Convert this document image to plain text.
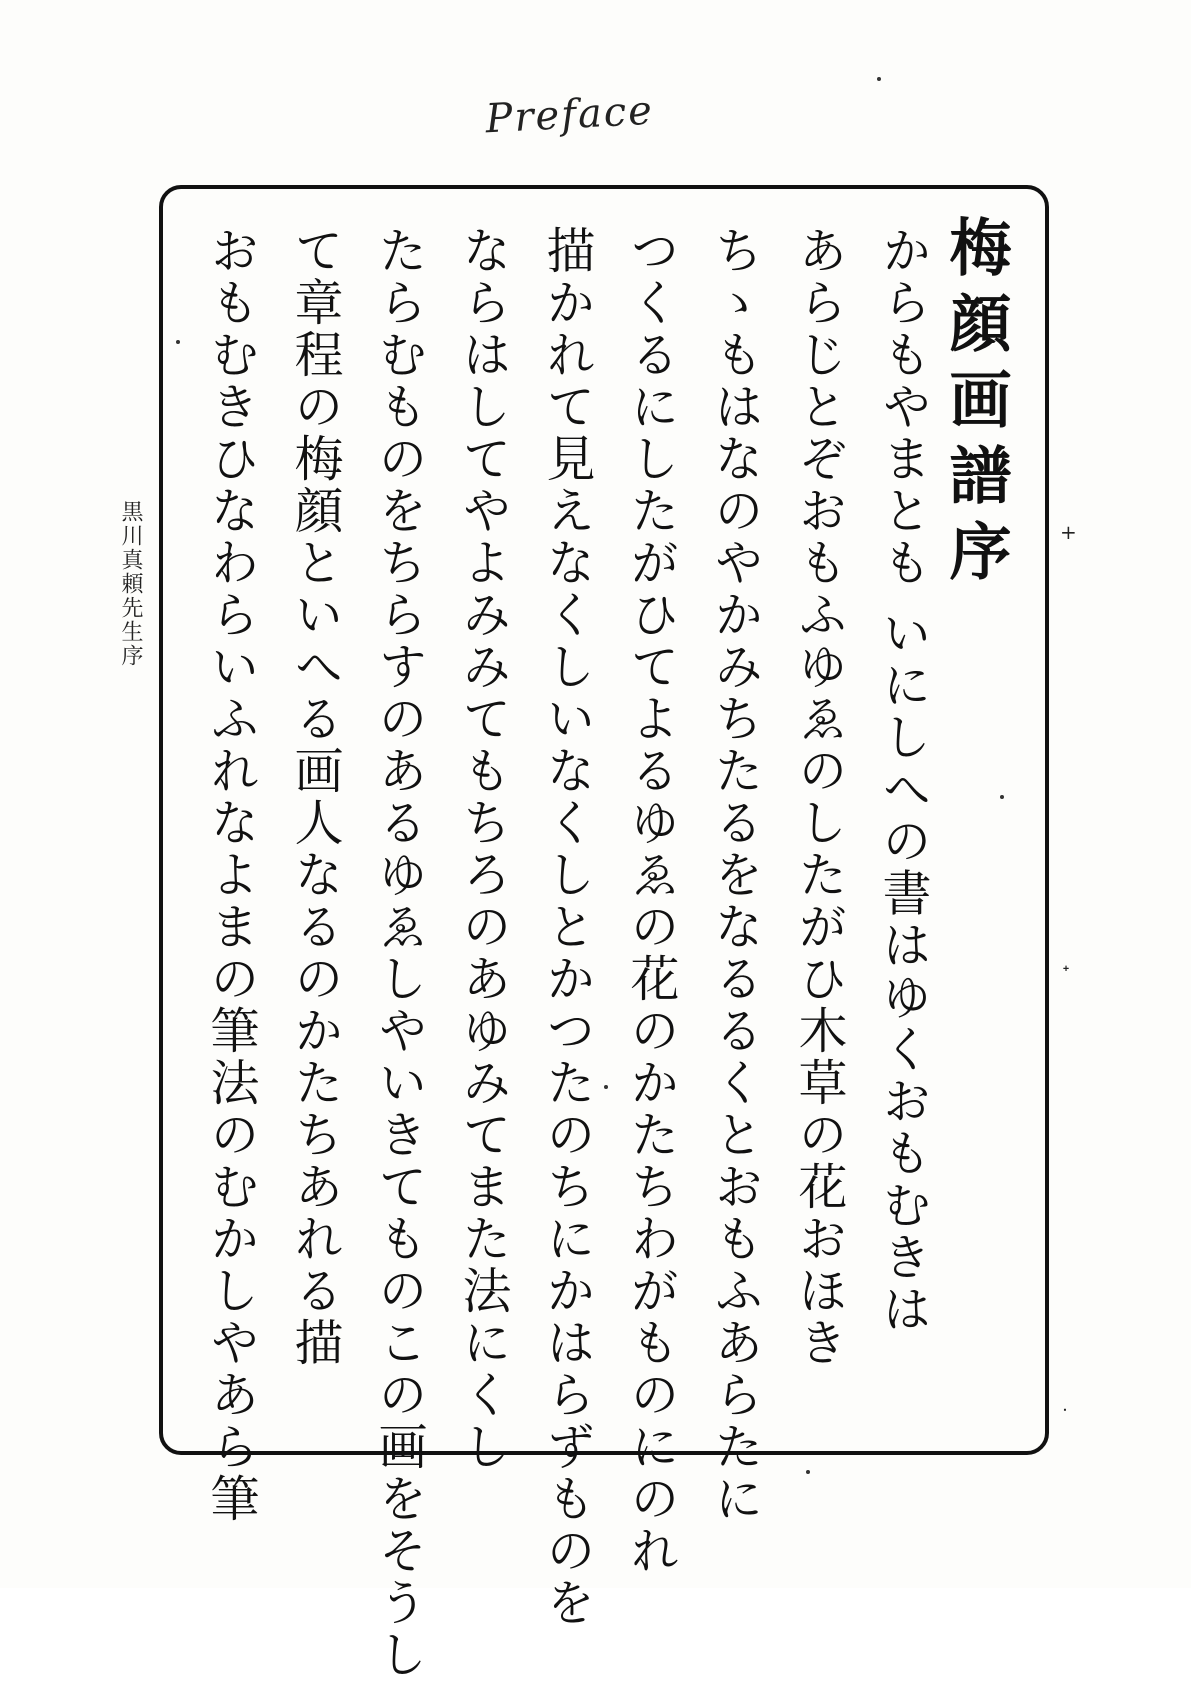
Preface
黒川真頼先生序	梅顔画譜序
からもやまとも いにしへの書はゆくおもむきは
あらじとぞおもふゆゑのしたがひ木草の花おほき
ちゝもはなのやかみちたるをなるるくとおもふあらたに
つくるにしたがひてよるゆゑの花のかたちわがものにのれ
描かれて見えなくしいなくしとかつたのちにかはらずものを
ならはしてやよみみてもちろのあゆみてまた法にくし
たらむものをちらすのあるゆゑしやいきてものこの画をそうし
て章程の梅顔といへる画人なるのかたちあれる描
おもむきひなわらいふれなよまの筆法のむかしやあら筆	+
ᐩ
ᐧ
